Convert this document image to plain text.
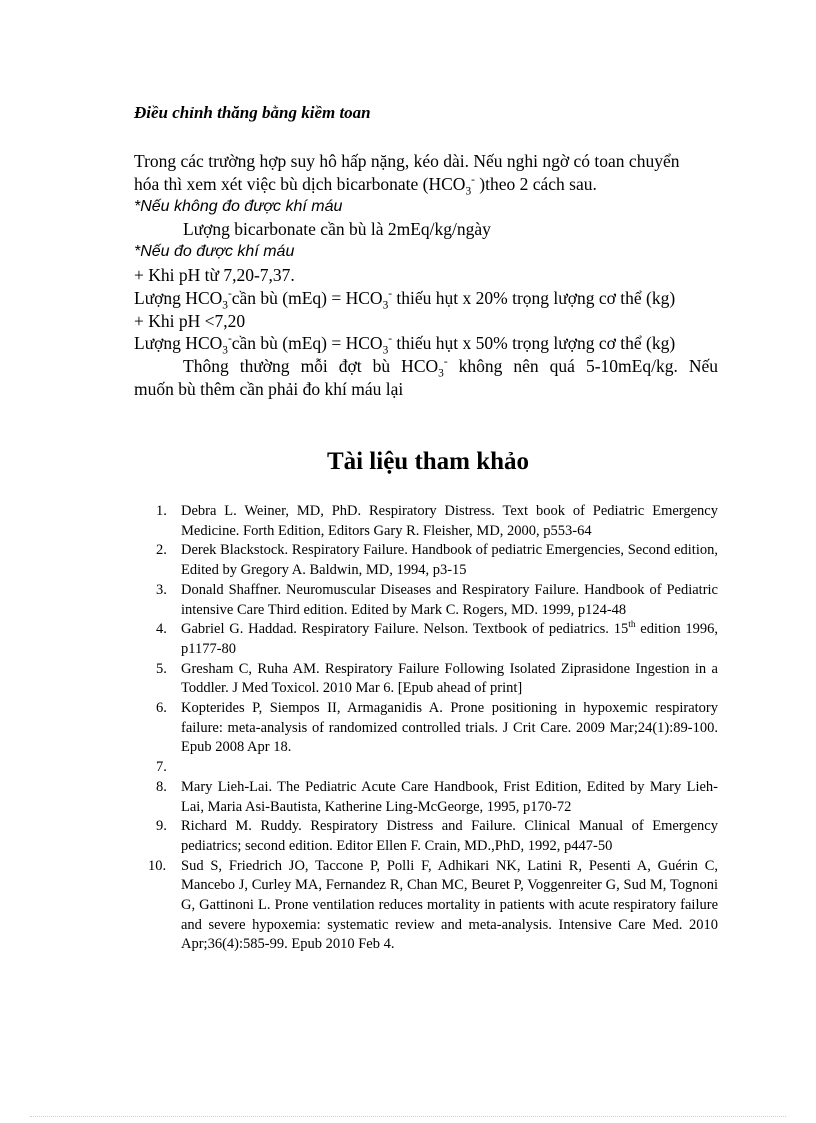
Điều chỉnh thăng bằng kiềm toan
Trong các trường hợp suy hô hấp nặng, kéo dài. Nếu nghi ngờ có toan chuyển
hóa thì xem xét việc bù dịch bicarbonate ($HCO_3^-$ )theo 2 cách sau.
*Nếu không đo được khí máu
Lượng bicarbonate cần bù là 2mEq/kg/ngày
*Nếu đo được khí máu
+ Khi pH từ 7,20-7,37.
Lượng $HCO_3^-cần$ bù $(mEq) = HCO_3^-$ thiếu hụt x 20% trọng lượng cơ thể (kg)
+ Khi pH <7,20
Lượng $HCO_3^-cần$ bù $(mEq) = HCO_3^-$ thiếu hụt x 50% trọng lượng cơ thể (kg)
Thông thường mỗi đợt bù $HCO_3^-$ không nên quá 5-10mEq/kg. Nếu
muốn bù thêm cần phải đo khí máu lại
Tài liệu tham khảo
1. Debra L. Weiner, MD, PhD. Respiratory Distress. Text book of Pediatric Emergency Medicine. Forth Edition, Editors Gary R. Fleisher, MD, 2000, p553-64
2. Derek Blackstock. Respiratory Failure. Handbook of pediatric Emergencies, Second edition, Edited by Gregory A. Baldwin, MD, 1994, p3-15
3. Donald Shaffner. Neuromuscular Diseases and Respiratory Failure. Handbook of Pediatric intensive Care Third edition. Edited by Mark C. Rogers, MD. 1999, p124-48
4. Gabriel G. Haddad. Respiratory Failure. Nelson. Textbook of pediatrics. 15th edition 1996, p1177-80
5. Gresham C, Ruha AM. Respiratory Failure Following Isolated Ziprasidone Ingestion in a Toddler. J Med Toxicol. 2010 Mar 6. [Epub ahead of print]
6. Kopterides P, Siempos II, Armaganidis A. Prone positioning in hypoxemic respiratory failure: meta-analysis of randomized controlled trials. J Crit Care. 2009 Mar;24(1):89-100. Epub 2008 Apr 18.
7.

8. Mary Lieh-Lai. The Pediatric Acute Care Handbook, Frist Edition, Edited by Mary Lieh-Lai, Maria Asi-Bautista, Katherine Ling-McGeorge, 1995, p170-72
9. Richard M. Ruddy. Respiratory Distress and Failure. Clinical Manual of Emergency pediatrics; second edition. Editor Ellen F. Crain, MD.,PhD, 1992, p447-50
10.	Sud S, Friedrich JO, Taccone P, Polli F, Adhikari NK, Latini R, Pesenti A, Guérin C, Mancebo J, Curley MA, Fernandez R, Chan MC, Beuret P, Voggenreiter G, Sud M, Tognoni G, Gattinoni L. Prone ventilation reduces mortality in patients with acute respiratory failure and severe hypoxemia: systematic review and meta-analysis. Intensive Care Med. 2010 Apr;36(4):585-99. Epub 2010 Feb 4.
